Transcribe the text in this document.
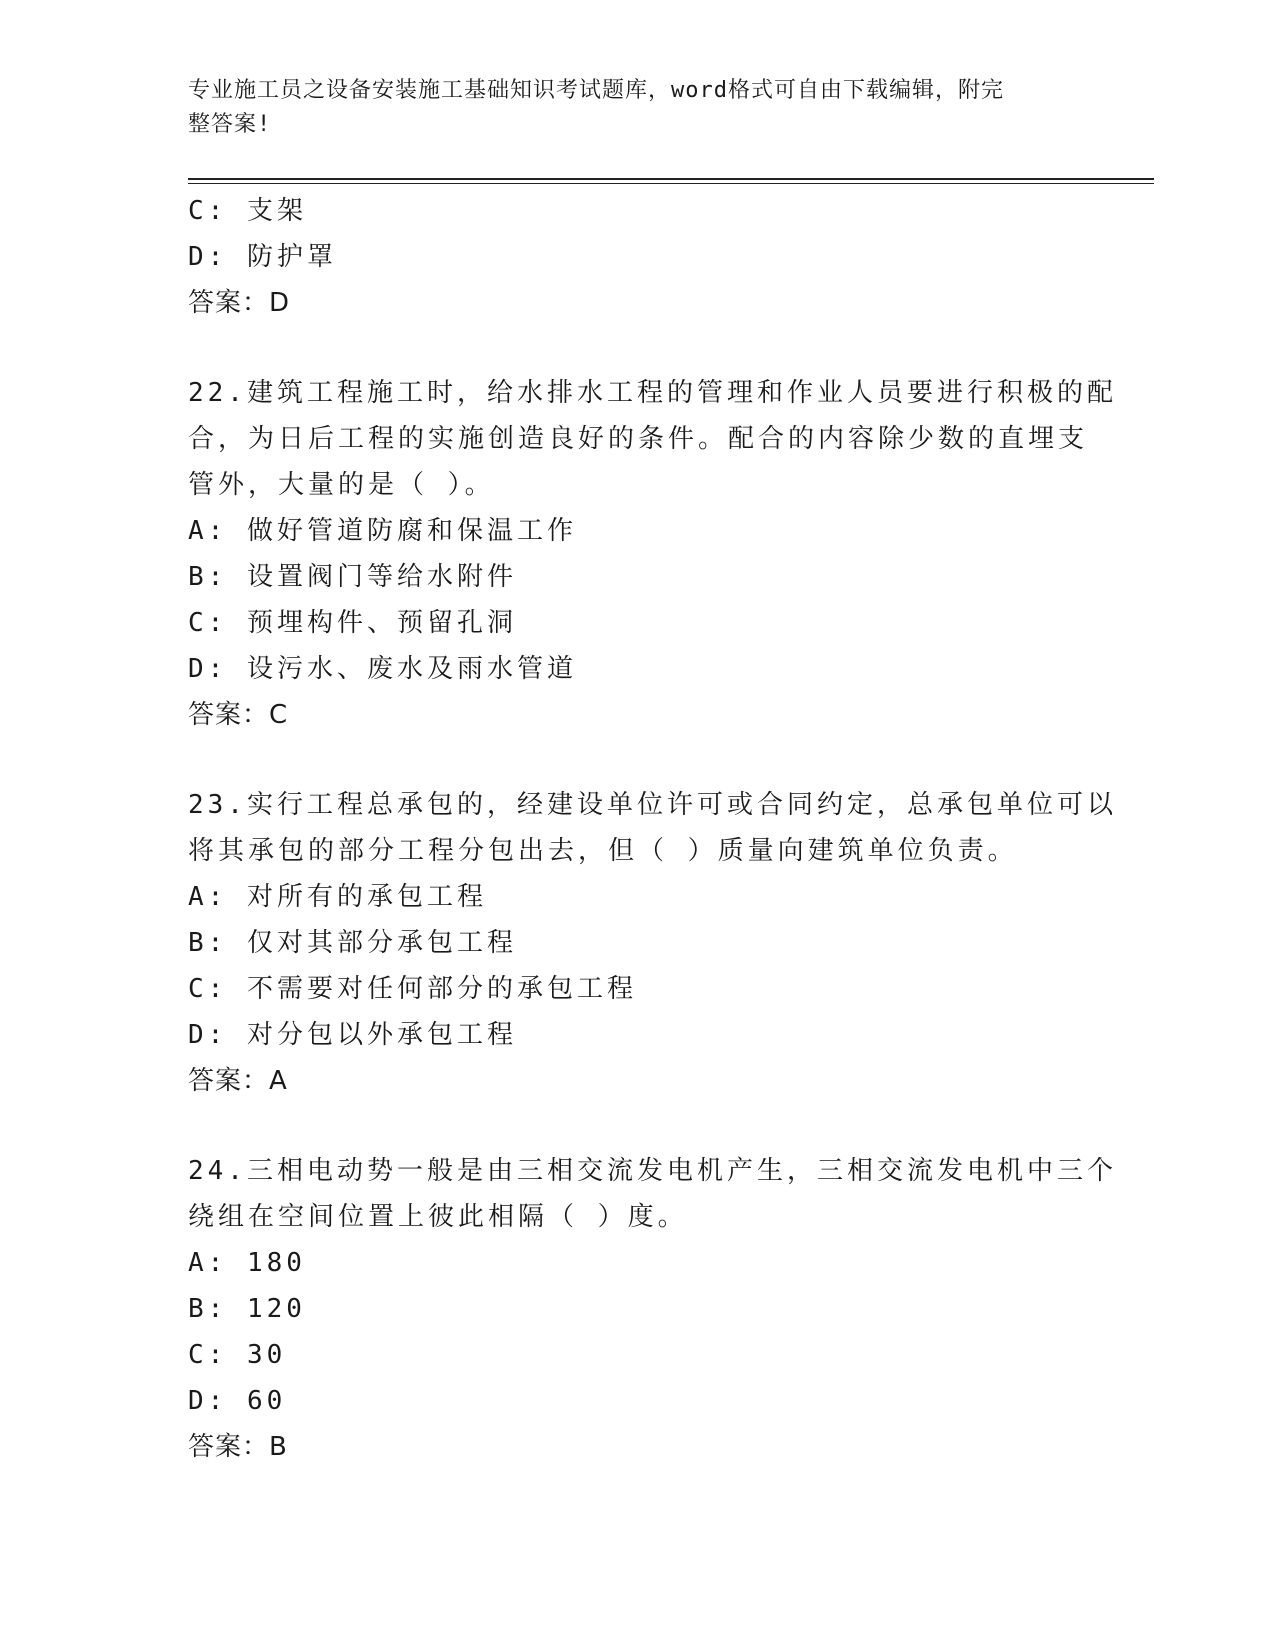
专业施工员之设备安装施工基础知识考试题库，word格式可自由下载编辑，附完
整答案!
C: 支架
D: 防护罩
答案：D
22.建筑工程施工时，给水排水工程的管理和作业人员要进行积极的配
合，为日后工程的实施创造良好的条件。配合的内容除少数的直埋支
管外，大量的是（ ）。
A: 做好管道防腐和保温工作
B: 设置阀门等给水附件
C: 预埋构件、预留孔洞
D: 设污水、废水及雨水管道
答案：C
23.实行工程总承包的，经建设单位许可或合同约定，总承包单位可以
将其承包的部分工程分包出去，但（ ）质量向建筑单位负责。
A: 对所有的承包工程
B: 仅对其部分承包工程
C: 不需要对任何部分的承包工程
D: 对分包以外承包工程
答案：A
24.三相电动势一般是由三相交流发电机产生，三相交流发电机中三个
绕组在空间位置上彼此相隔（ ）度。
A: 180
B: 120
C: 30
D: 60
答案：B
